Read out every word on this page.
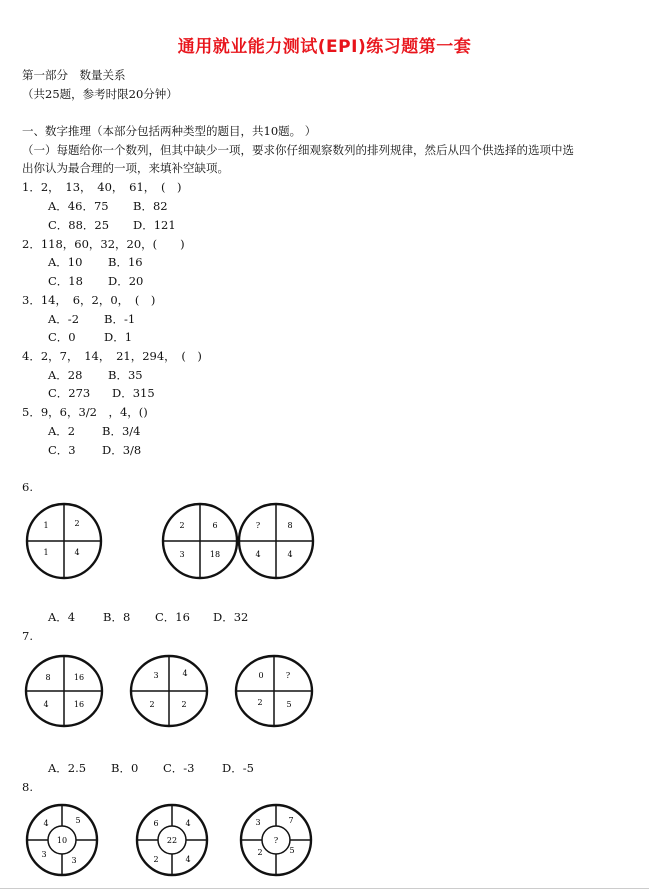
通用就业能力测试(EPI)练习题第一套
第一部分　数量关系
（共25题，参考时限20分钟）
一、数字推理（本部分包括两种类型的题目，共10题。 ）
（一）每题给你一个数列，但其中缺少一项，要求你仔细观察数列的排列规律，然后从四个供选择的选项中选
出你认为最合理的一项，来填补空缺项。
1．2，　13，　40，　61，　(　)
A．46．75 B．82
C．88．25 D．121
2．118，60，32，20，(　　)
A．10 B．16
C．18 D．20
3．14，　6，2，0，　(　)
A．-2 B．-1
C．0 D．1
4．2，7，　14，　21，294，　(　)
A．28 B．35
C．273 D．315
5．9，6，3/2　，4，()
A．2 B．3/4
C．3 D．3/8
6.
1	2
1	4
2	6
3	18
?	8
4	4
A．4 B．8 C．16 D．32
7.
8	16
4	16
3	4
2	2
0	?
2	5
A．2.5 B．0 C．-3 D．-5
8.
10
4	5
3
3
22
6	4
2	4
?
3	7
2	5
